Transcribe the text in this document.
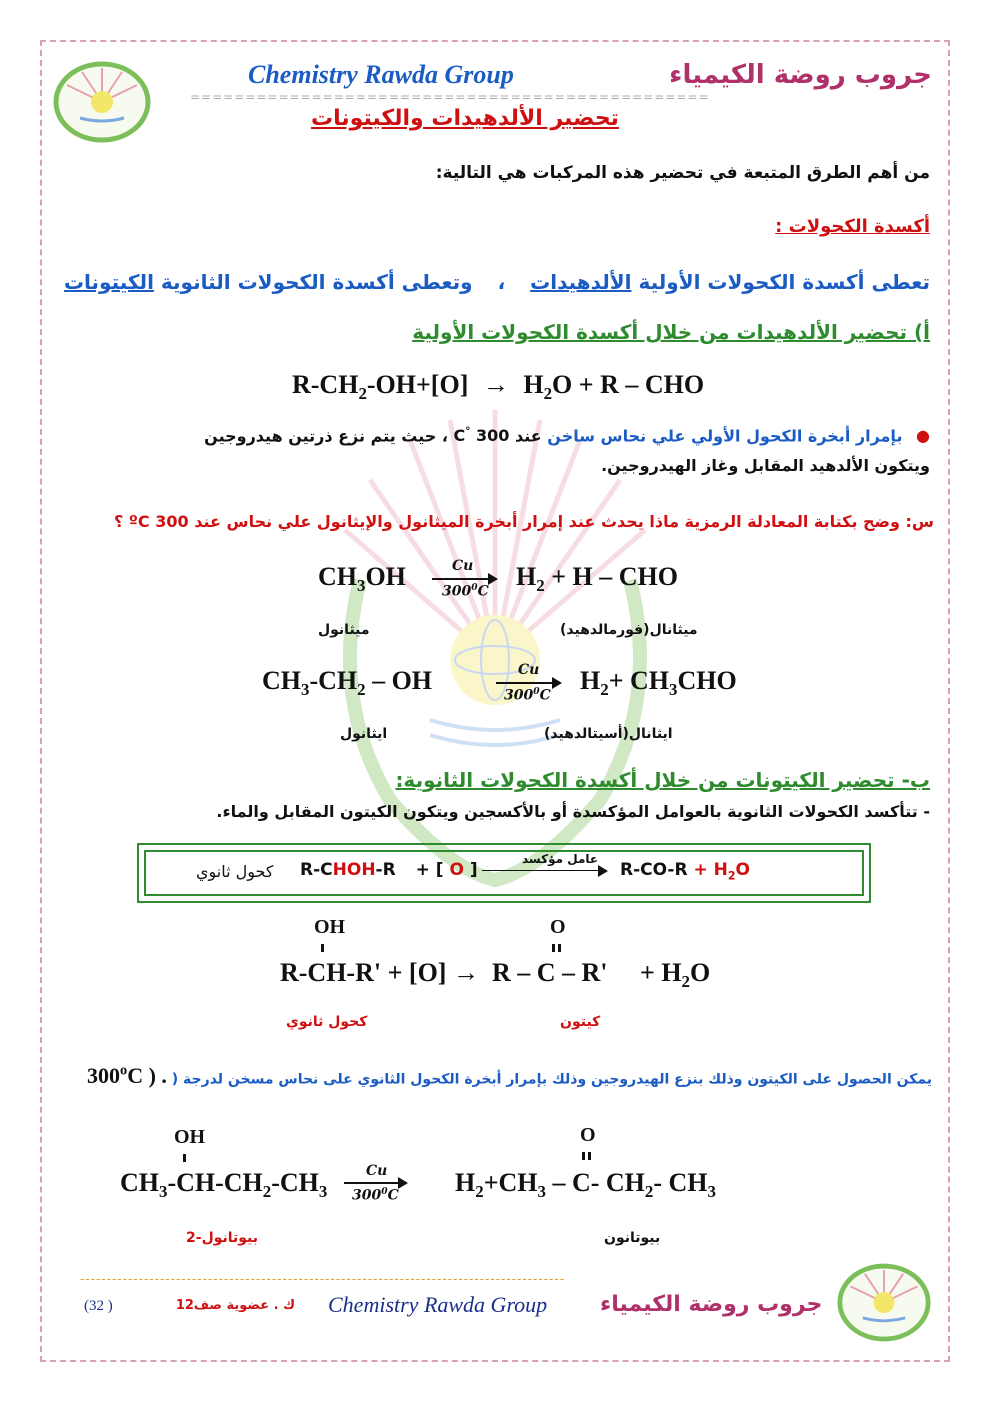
Chemistry Rawda Group	جروب روضة الكيمياء
===============================================
تحضير الألدهيدات والكيتونات
من أهم الطرق المتبعة في تحضير هذه المركبات هي التالية:
أكسدة الكحولات :
تعطى أكسدة الكحولات الأولية الألدهيدات ، وتعطى أكسدة الكحولات الثانوية الكيتونات
أ) تحضير الألدهيدات من خلال أكسدة الكحولات الأولية
$R-CH_2-OH+[O] \to H_2O + R$ – CHO
● بإمرار أبخرة الكحول الأولي علي نحاس ساخن عند C° 300 ، حيث يتم نزع ذرتين هيدروجين
ويتكون الألدهيد المقابل وغاز الهيدروجين.
س: وضح بكتابة المعادلة الرمزية ماذا يحدث عند إمرار أبخرة الميثانول والإيثانول علي نحاس عند 300 ºC ؟
$CH_3OH$	Cu
$300^0C$
$H_2 + H$ – CHO
ميثانول	ميثانال(فورمالدهيد)
$CH_3-CH_2$ – OH	Cu
$300^0C$
$H_2+ CH_3CHO$
ايثانول	ايثانال(أسيتالدهيد)
ب- تحضير الكيتونات من خلال أكسدة الكحولات الثانوية:
- تتأكسد الكحولات الثانوية بالعوامل المؤكسدة أو بالأكسجين ويتكون الكيتون المقابل والماء.
كحول ثانوي R-CHOH-R + [ O ]
عامل مؤكسد
$R-CO-R + H_2O$
OH	O
R-CH-R' + [O] →  R – C – R'     + $H_2O$
كحول ثانوي	كيتون
يمكن الحصول على الكيتون وذلك بنزع الهيدروجين وذلك بإمرار أبخرة الكحول الثانوي على نحاس مسخن لدرجة ( 300$^o$C ) .
OH	O
$CH_3-CH-CH_2-CH_3$
Cu
$300^0C$ $H_2+CH_3 - C-$ $CH_2-$ $CH_3$
2-بيوتانول	بيوتانون
-------------------------------------------------------------------------------------------
(32 )	ك . عضوية صف12 Chemistry Rawda Group جروب روضة الكيمياء
